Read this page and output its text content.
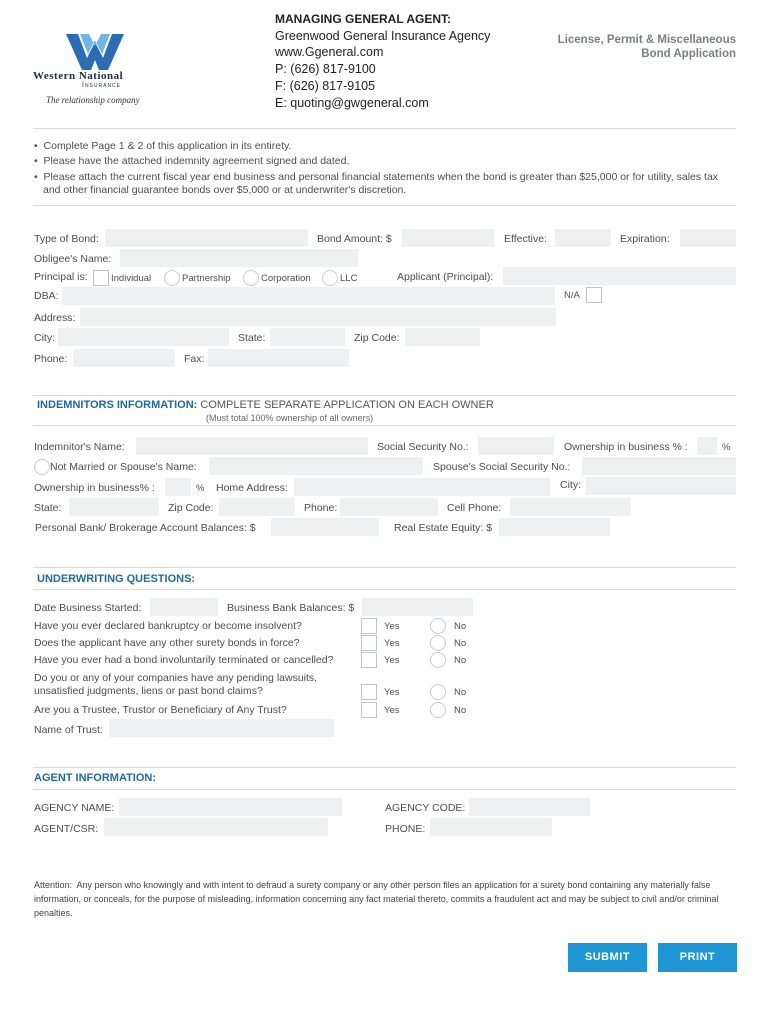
Western National
Insurance
The relationship company
MANAGING GENERAL AGENT:
Greenwood General Insurance Agency
www.Ggeneral.com
P: (626) 817-9100
F: (626) 817-9105
E: quoting@gwgeneral.com
License, Permit & Miscellaneous
Bond Application
•  Complete Page 1 & 2 of this application in its entirety.
•  Please have the attached indemnity agreement signed and dated.
•  Please attach the current fiscal year end business and personal financial statements when the bond is greater than $25,000 or for utility, sales tax and other financial guarantee bonds over $5,000 or at underwriter's discretion.
Type of Bond:	Bond Amount: $	Effective:	Expiration:
Obligee's Name:
Principal is: Individual	Partnership	Corporation	LLC	Applicant (Principal):
DBA:	N/A
Address:
City:	State:	Zip Code:
Phone:	Fax:
INDEMNITORS INFORMATION: COMPLETE SEPARATE APPLICATION ON EACH OWNER
(Must total 100% ownership of all owners)
Indemnitor's Name:	Social Security No.:	Ownership in business % :	%
Not Married or Spouse's Name:	Spouse's Social Security No.:
Ownership in business% :	% Home Address:	City:
State:	Zip Code:	Phone:	Cell Phone:
Personal Bank/ Brokerage Account Balances: $	Real Estate Equity: $
UNDERWRITING QUESTIONS:
Date Business Started:	Business Bank Balances: $
Have you ever declared bankruptcy or become insolvent?	Yes	No
Does the applicant have any other surety bonds in force?	Yes	No
Have you ever had a bond involuntarily terminated or cancelled?	Yes	No
Do you or any of your companies have any pending lawsuits,
unsatisfied judgments, liens or past bond claims?	Yes	No
Are you a Trustee, Trustor or Beneficiary of Any Trust?	Yes	No
Name of Trust:
AGENT INFORMATION:
AGENCY NAME:	AGENCY CODE:
AGENT/CSR:	PHONE:
Attention: Any person who knowingly and with intent to defraud a surety company or any other person files an application for a surety bond containing any materially false information, or conceals, for the purpose of misleading, information concerning any fact material thereto, commits a fraudulent act and may be subject to civil and/or criminal penalties.
SUBMIT	PRINT
